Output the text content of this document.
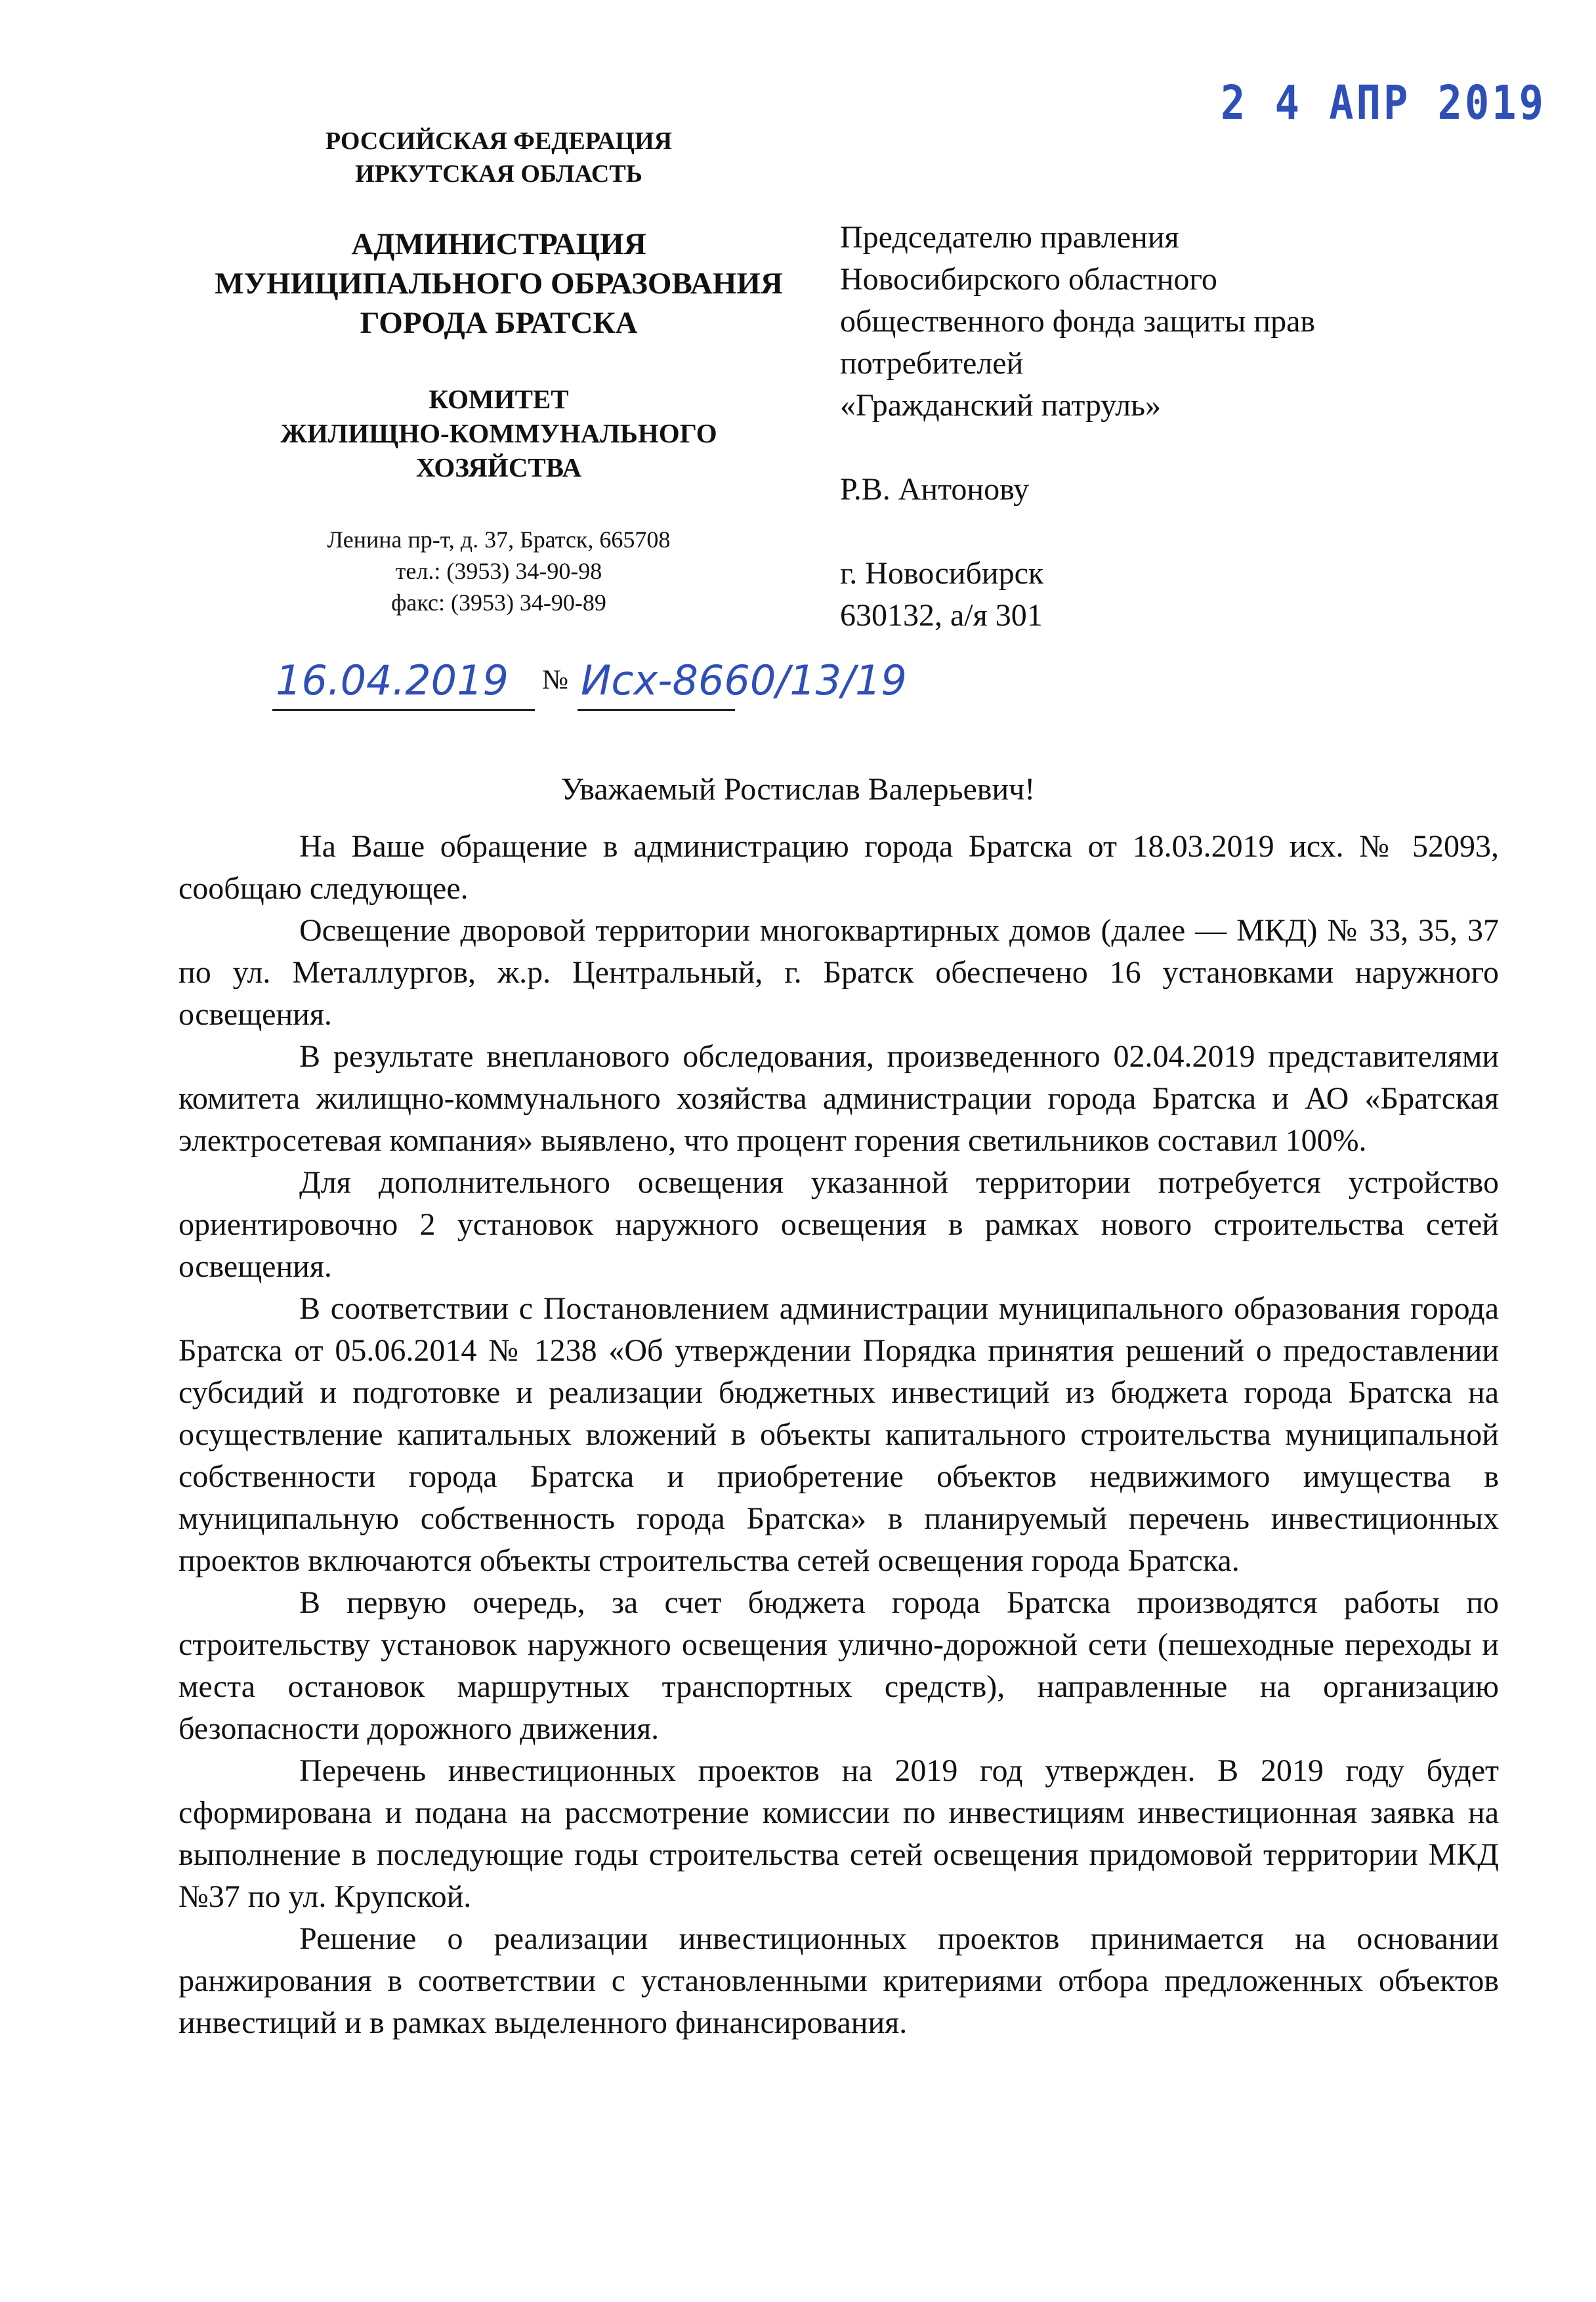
2 4 АПР 2019
РОССИЙСКАЯ ФЕДЕРАЦИЯ
ИРКУТСКАЯ ОБЛАСТЬ
АДМИНИСТРАЦИЯ
МУНИЦИПАЛЬНОГО ОБРАЗОВАНИЯ
ГОРОДА БРАТСКА
КОМИТЕТ
ЖИЛИЩНО-КОММУНАЛЬНОГО
ХОЗЯЙСТВА
Ленина пр-т, д. 37, Братск, 665708
тел.: (3953) 34-90-98
факс: (3953) 34-90-89
16.04.2019 № Исх-8660/13/19
Председателю правления
Новосибирского областного
общественного фонда защиты прав
потребителей
«Гражданский патруль»
Р.В. Антонову
г. Новосибирск
630132, а/я 301
Уважаемый Ростислав Валерьевич!

На Ваше обращение в администрацию города Братска от 18.03.2019 исх. № 52093, сообщаю следующее.

Освещение дворовой территории многоквартирных домов (далее — МКД) № 33, 35, 37 по ул. Металлургов, ж.р. Центральный, г. Братск обеспечено 16 установками наружного освещения.

В результате внепланового обследования, произведенного 02.04.2019 представителями комитета жилищно-коммунального хозяйства администрации города Братска и АО «Братская электросетевая компания» выявлено, что процент горения светильников составил 100%.

Для дополнительного освещения указанной территории потребуется устройство ориентировочно 2 установок наружного освещения в рамках нового строительства сетей освещения.

В соответствии с Постановлением администрации муниципального образования города Братска от 05.06.2014 № 1238 «Об утверждении Порядка принятия решений о предоставлении субсидий и подготовке и реализации бюджетных инвестиций из бюджета города Братска на осуществление капитальных вложений в объекты капитального строительства муниципальной собственности города Братска и приобретение объектов недвижимого имущества в муниципальную собственность города Братска» в планируемый перечень инвестиционных проектов включаются объекты строительства сетей освещения города Братска.

В первую очередь, за счет бюджета города Братска производятся работы по строительству установок наружного освещения улично-дорожной сети (пешеходные переходы и места остановок маршрутных транспортных средств), направленные на организацию безопасности дорожного движения.

Перечень инвестиционных проектов на 2019 год утвержден. В 2019 году будет сформирована и подана на рассмотрение комиссии по инвестициям инвестиционная заявка на выполнение в последующие годы строительства сетей освещения придомовой территории МКД №37 по ул. Крупской.

Решение о реализации инвестиционных проектов принимается на основании ранжирования в соответствии с установленными критериями отбора предложенных объектов инвестиций и в рамках выделенного финансирования.
